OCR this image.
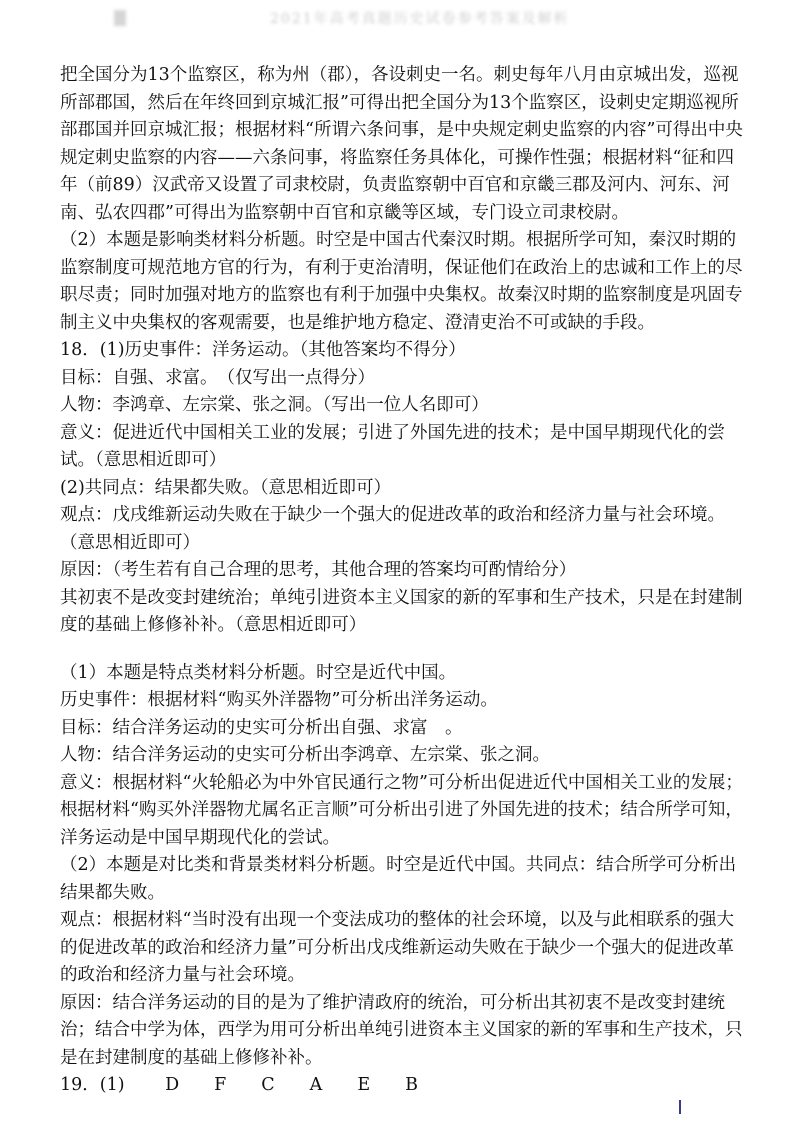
2021年高考真题历史试卷参考答案及解析

把全国分为13个监察区，称为州（郡），各设刺史一名。刺史每年八月由京城出发，巡视所部郡国，然后在年终回到京城汇报”可得出把全国分为13个监察区，设刺史定期巡视所部郡国并回京城汇报；根据材料“所谓六条问事，是中央规定刺史监察的内容”可得出中央规定刺史监察的内容——六条问事，将监察任务具体化，可操作性强；根据材料“征和四年（前89）汉武帝又设置了司隶校尉，负责监察朝中百官和京畿三郡及河内、河东、河南、弘农四郡”可得出为监察朝中百官和京畿等区域，专门设立司隶校尉。

（2）本题是影响类材料分析题。时空是中国古代秦汉时期。根据所学可知，秦汉时期的监察制度可规范地方官的行为，有利于吏治清明，保证他们在政治上的忠诚和工作上的尽职尽责；同时加强对地方的监察也有利于加强中央集权。故秦汉时期的监察制度是巩固专制主义中央集权的客观需要，也是维护地方稳定、澄清吏治不可或缺的手段。

18．(1)历史事件：洋务运动。（其他答案均不得分）

目标：自强、求富。　（仅写出一点得分）

人物：李鸿章、左宗棠、张之洞。（写出一位人名即可）

意义：促进近代中国相关工业的发展；引进了外国先进的技术；是中国早期现代化的尝试。（意思相近即可）

(2)共同点：结果都失败。（意思相近即可）

观点：戊戌维新运动失败在于缺少一个强大的促进改革的政治和经济力量与社会环境。（意思相近即可）

原因：（考生若有自己合理的思考，其他合理的答案均可酌情给分）

其初衷不是改变封建统治；单纯引进资本主义国家的新的军事和生产技术，只是在封建制度的基础上修修补补。（意思相近即可）

（1）本题是特点类材料分析题。时空是近代中国。

历史事件：根据材料“购买外洋器物”可分析出洋务运动。

目标：结合洋务运动的史实可分析出自强、求富　。

人物：结合洋务运动的史实可分析出李鸿章、左宗棠、张之洞。

意义：根据材料“火轮船必为中外官民通行之物”可分析出促进近代中国相关工业的发展；根据材料“购买外洋器物尤属名正言顺”可分析出引进了外国先进的技术；结合所学可知，洋务运动是中国早期现代化的尝试。

（2）本题是对比类和背景类材料分析题。时空是近代中国。共同点：结合所学可分析出结果都失败。

观点：根据材料“当时没有出现一个变法成功的整体的社会环境，以及与此相联系的强大的促进改革的政治和经济力量”可分析出戊戌维新运动失败在于缺少一个强大的促进改革的政治和经济力量与社会环境。

原因：结合洋务运动的目的是为了维护清政府的统治，可分析出其初衷不是改变封建统治；结合中学为体，西学为用可分析出单纯引进资本主义国家的新的军事和生产技术，只是在封建制度的基础上修修补补。

19．(1)　　 D　　F　　C　　A　　E　　B
